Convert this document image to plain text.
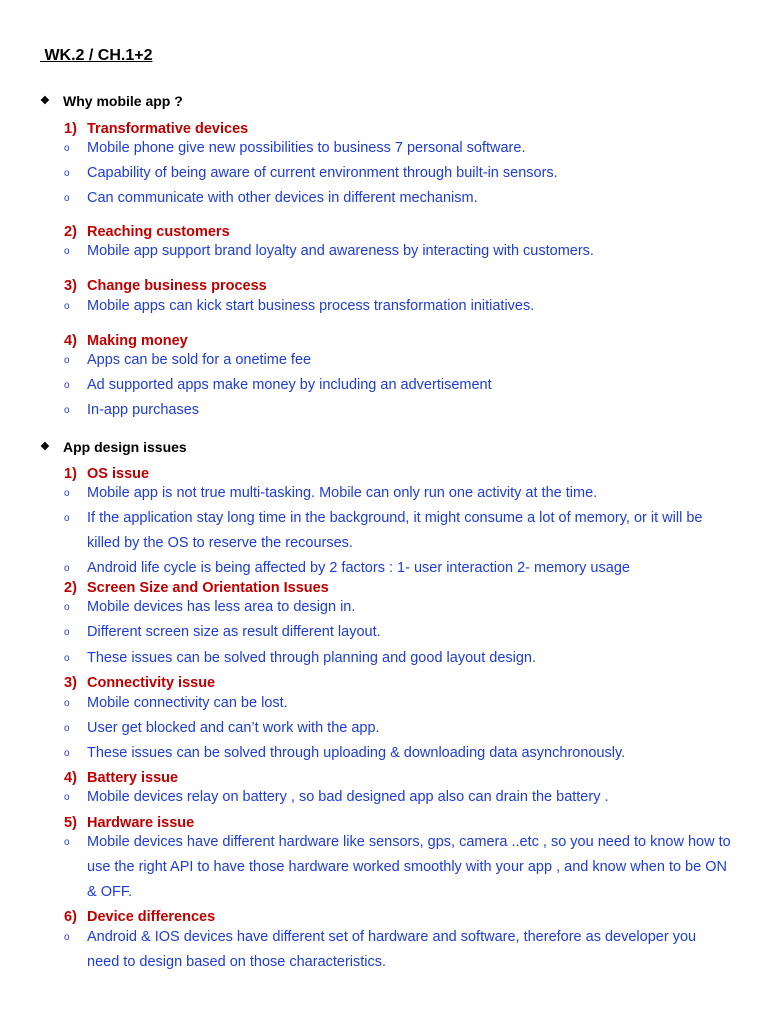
WK.2 / CH.1+2
❖ Why mobile app ?
1) Transformative devices
o	Mobile phone give new possibilities to business 7 personal software.
o	Capability of being aware of current environment through built-in sensors.
o	Can communicate with other devices in different mechanism.
2) Reaching customers
o	Mobile app support brand loyalty and awareness by interacting with customers.
3) Change business process
o	Mobile apps can kick start business process transformation initiatives.
4) Making money
o	Apps can be sold for a onetime fee
o	Ad supported apps make money by including an advertisement
o	In-app purchases
❖ App design issues
1) OS issue
o	Mobile app is not true multi-tasking. Mobile can only run one activity at the time.
o	If the application stay long time in the background, it might consume a lot of memory, or it will be killed by the OS to reserve the recourses.
o	Android life cycle is being affected by 2 factors : 1- user interaction 2- memory usage
2) Screen Size and Orientation Issues
o	Mobile devices has less area to design in.
o	Different screen size as result different layout.
o	These issues can be solved through planning and good layout design.
3) Connectivity issue
o	Mobile connectivity can be lost.
o	User get blocked and can’t work with the app.
o	These issues can be solved through uploading & downloading data asynchronously.
4) Battery issue
o	Mobile devices relay on battery , so bad designed app also can drain the battery .
5) Hardware issue
o	Mobile devices have different hardware like sensors, gps, camera ..etc , so you need to know how to use the right API to have those hardware worked smoothly with your app , and know when to be ON & OFF.
6) Device differences
o	Android & IOS devices have different set of hardware and software, therefore as developer you need to design based on those characteristics.
